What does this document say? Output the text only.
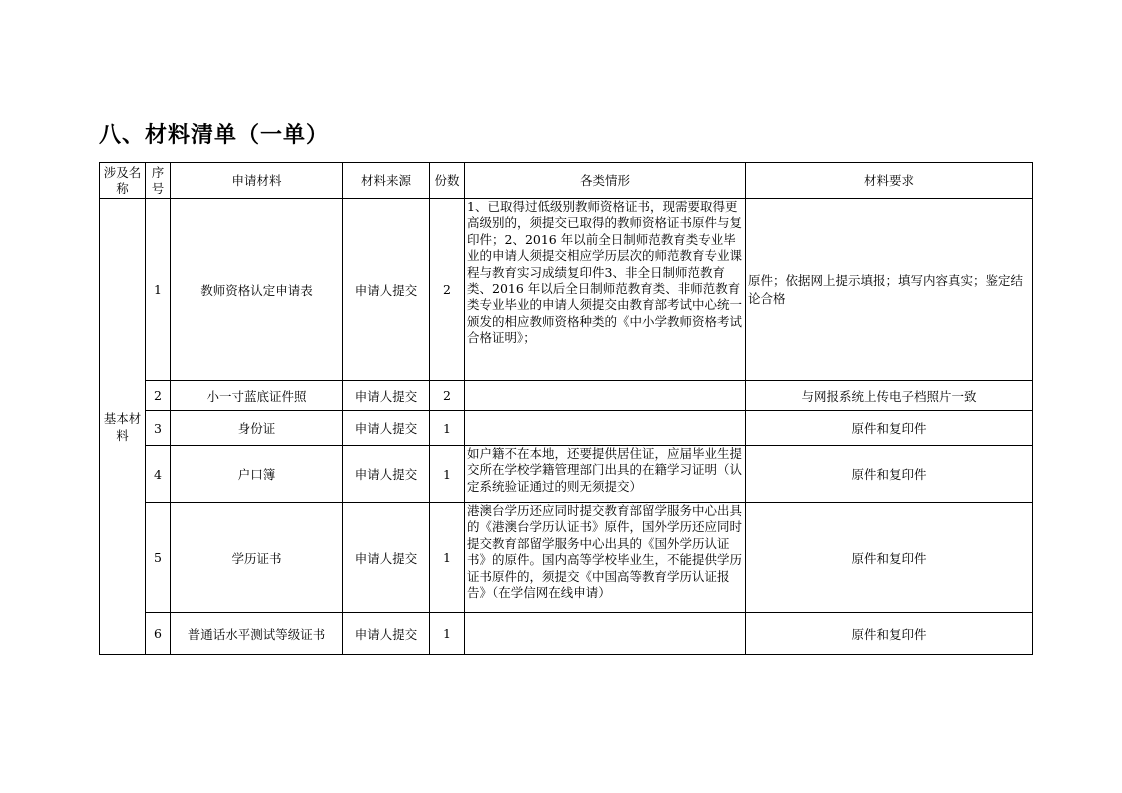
八、材料清单（一单）
涉及名称	序号	申请材料	材料来源	份数	各类情形	材料要求
基本材料	1	教师资格认定申请表	申请人提交	2	1、已取得过低级别教师资格证书，现需要取得更高级别的，须提交已取得的教师资格证书原件与复印件；2、2016 年以前全日制师范教育类专业毕业的申请人须提交相应学历层次的师范教育专业课程与教育实习成绩复印件3、非全日制师范教育类、2016 年以后全日制师范教育类、非师范教育类专业毕业的申请人须提交由教育部考试中心统一颁发的相应教师资格种类的《中小学教师资格考试合格证明》；	原件；依据网上提示填报；填写内容真实；鉴定结论合格
	2	小一寸蓝底证件照	申请人提交	2		与网报系统上传电子档照片一致
	3	身份证	申请人提交	1		原件和复印件
	4	户口簿	申请人提交	1	如户籍不在本地，还要提供居住证，应届毕业生提交所在学校学籍管理部门出具的在籍学习证明（认定系统验证通过的则无须提交）	原件和复印件
	5	学历证书	申请人提交	1	港澳台学历还应同时提交教育部留学服务中心出具的《港澳台学历认证书》原件，国外学历还应同时提交教育部留学服务中心出具的《国外学历认证书》的原件。国内高等学校毕业生，不能提供学历证书原件的，须提交《中国高等教育学历认证报告》（在学信网在线申请）	原件和复印件
	6	普通话水平测试等级证书	申请人提交	1		原件和复印件
